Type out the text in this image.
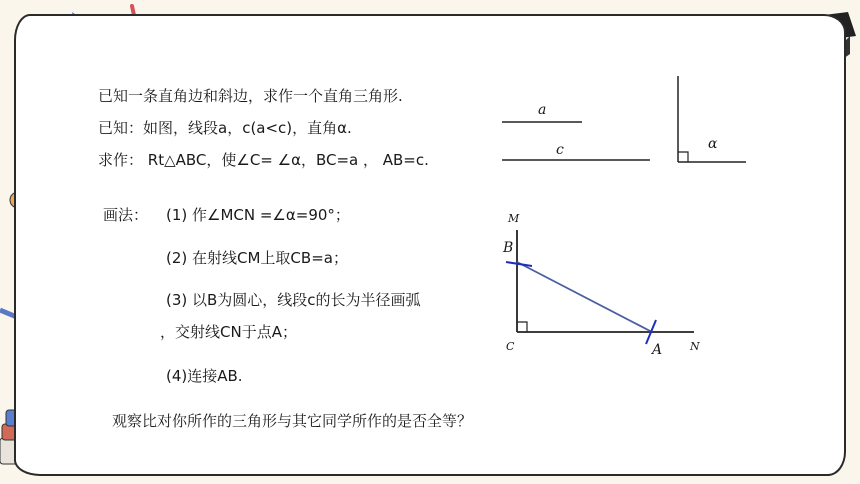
Photoshop
已知一条直角边和斜边，求作一个直角三角形.
已知：如图，线段a，c(a<c)，直角α.
求作： Rt△ABC，使∠C= ∠α，BC=a ， AB=c.
画法： (1) 作∠MCN =∠α=90°；
(2) 在射线CM上取CB=a；
(3) 以B为圆心，线段c的长为半径画弧
，交射线CN于点A；
(4)连接AB.
观察比对你所作的三角形与其它同学所作的是否全等？
a
c	α
M
B
C	A	N
